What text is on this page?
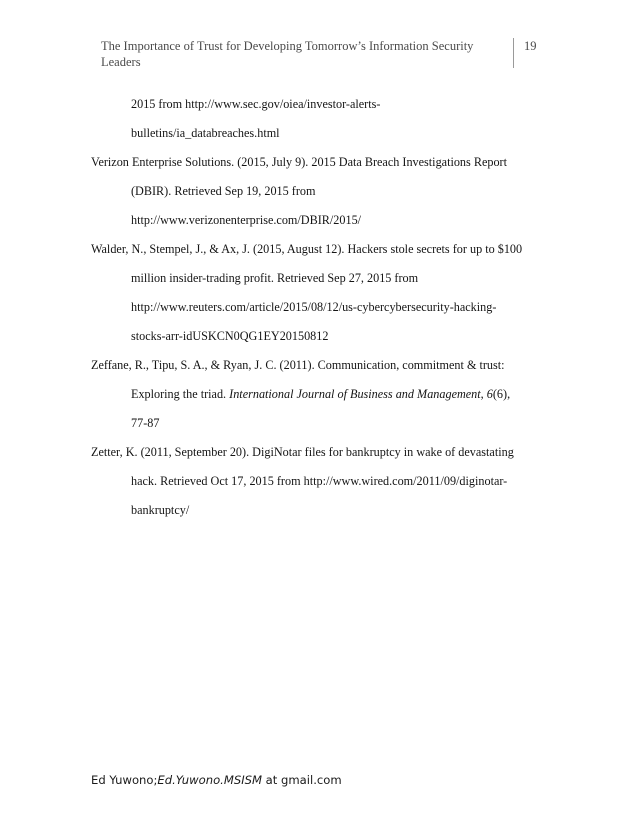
The Importance of Trust for Developing Tomorrow’s Information Security Leaders
19
2015 from http://www.sec.gov/oiea/investor-alerts-
bulletins/ia_databreaches.html
Verizon Enterprise Solutions. (2015, July 9). 2015 Data Breach Investigations Report
(DBIR). Retrieved Sep 19, 2015 from
http://www.verizonenterprise.com/DBIR/2015/
Walder, N., Stempel, J., & Ax, J. (2015, August 12). Hackers stole secrets for up to $100
million insider-trading profit. Retrieved Sep 27, 2015 from
http://www.reuters.com/article/2015/08/12/us-cybercybersecurity-hacking-
stocks-arr-idUSKCN0QG1EY20150812
Zeffane, R., Tipu, S. A., & Ryan, J. C. (2011). Communication, commitment & trust:
Exploring the triad. International Journal of Business and Management, 6(6),
77-87
Zetter, K. (2011, September 20). DigiNotar files for bankruptcy in wake of devastating
hack. Retrieved Oct 17, 2015 from http://www.wired.com/2011/09/diginotar-
bankruptcy/
Ed Yuwono;Ed.Yuwono.MSISM at gmail.com
